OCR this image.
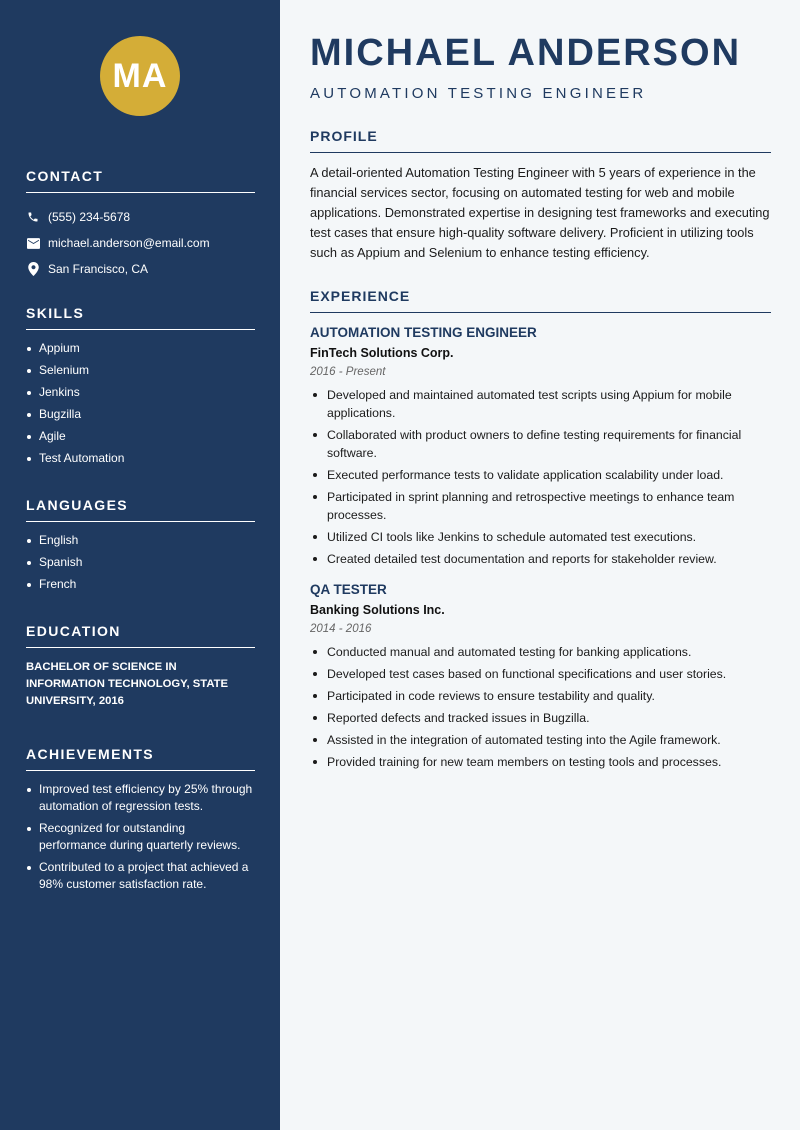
MA
CONTACT
(555) 234-5678
michael.anderson@email.com
San Francisco, CA
SKILLS
Appium
Selenium
Jenkins
Bugzilla
Agile
Test Automation
LANGUAGES
English
Spanish
French
EDUCATION
BACHELOR OF SCIENCE IN INFORMATION TECHNOLOGY, STATE UNIVERSITY, 2016
ACHIEVEMENTS
Improved test efficiency by 25% through automation of regression tests.
Recognized for outstanding performance during quarterly reviews.
Contributed to a project that achieved a 98% customer satisfaction rate.
MICHAEL ANDERSON
AUTOMATION TESTING ENGINEER
PROFILE

A detail-oriented Automation Testing Engineer with 5 years of experience in the financial services sector, focusing on automated testing for web and mobile applications. Demonstrated expertise in designing test frameworks and executing test cases that ensure high-quality software delivery. Proficient in utilizing tools such as Appium and Selenium to enhance testing efficiency.

EXPERIENCE
AUTOMATION TESTING ENGINEER
FinTech Solutions Corp.
2016 - Present
Developed and maintained automated test scripts using Appium for mobile applications.
Collaborated with product owners to define testing requirements for financial software.
Executed performance tests to validate application scalability under load.
Participated in sprint planning and retrospective meetings to enhance team processes.
Utilized CI tools like Jenkins to schedule automated test executions.
Created detailed test documentation and reports for stakeholder review.
QA TESTER
Banking Solutions Inc.
2014 - 2016
Conducted manual and automated testing for banking applications.
Developed test cases based on functional specifications and user stories.
Participated in code reviews to ensure testability and quality.
Reported defects and tracked issues in Bugzilla.
Assisted in the integration of automated testing into the Agile framework.
Provided training for new team members on testing tools and processes.
